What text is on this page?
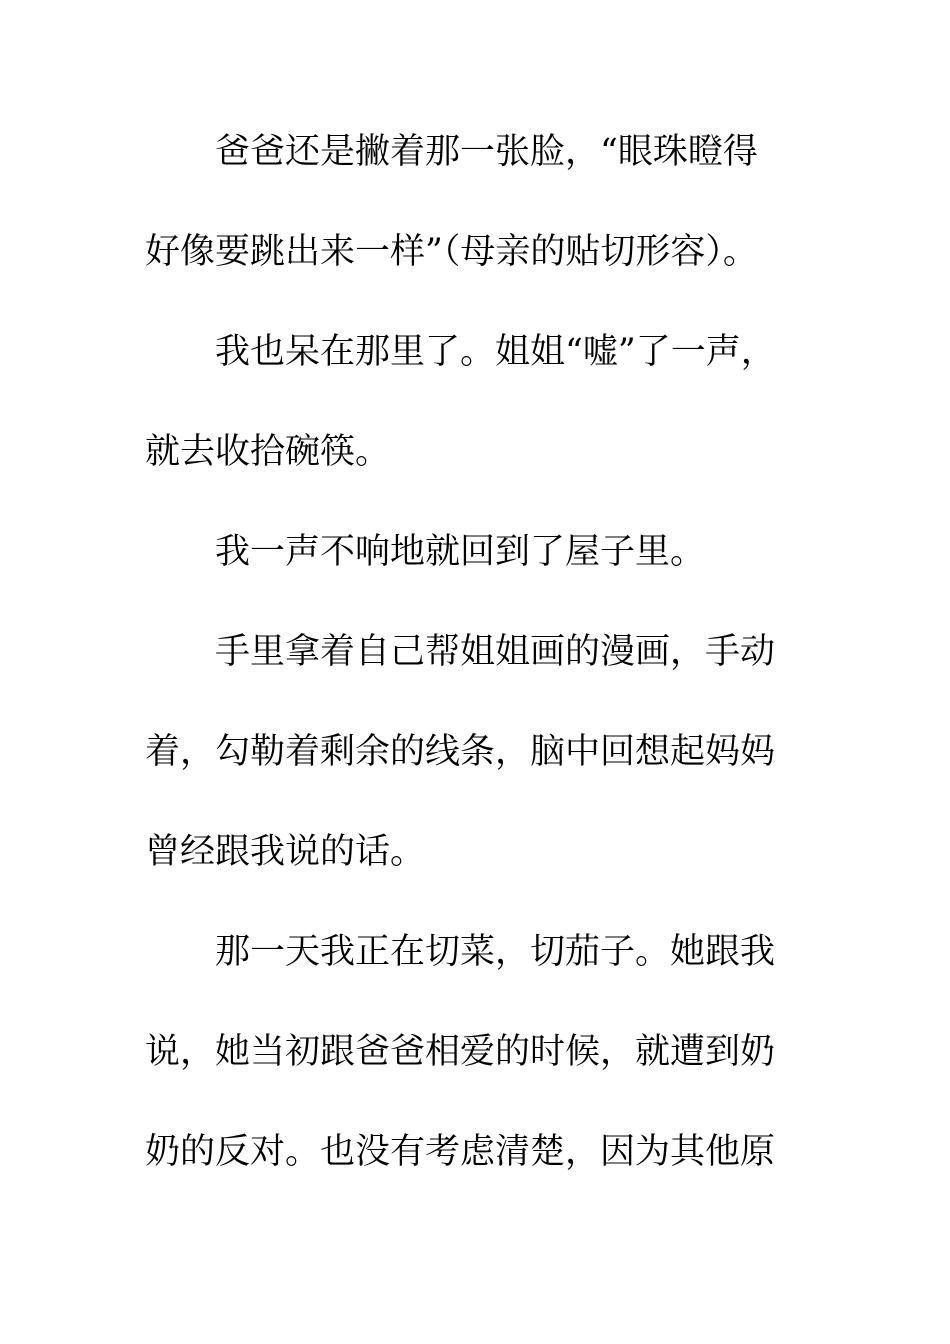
爸爸还是撇着那一张脸，“眼珠瞪得
好像要跳出来一样”（母亲的贴切形容）。
我也呆在那里了。姐姐“嘘”了一声，
就去收拾碗筷。
我一声不响地就回到了屋子里。
手里拿着自己帮姐姐画的漫画，手动
着，勾勒着剩余的线条，脑中回想起妈妈
曾经跟我说的话。
那一天我正在切菜，切茄子。她跟我
说，她当初跟爸爸相爱的时候，就遭到奶
奶的反对。也没有考虑清楚，因为其他原
